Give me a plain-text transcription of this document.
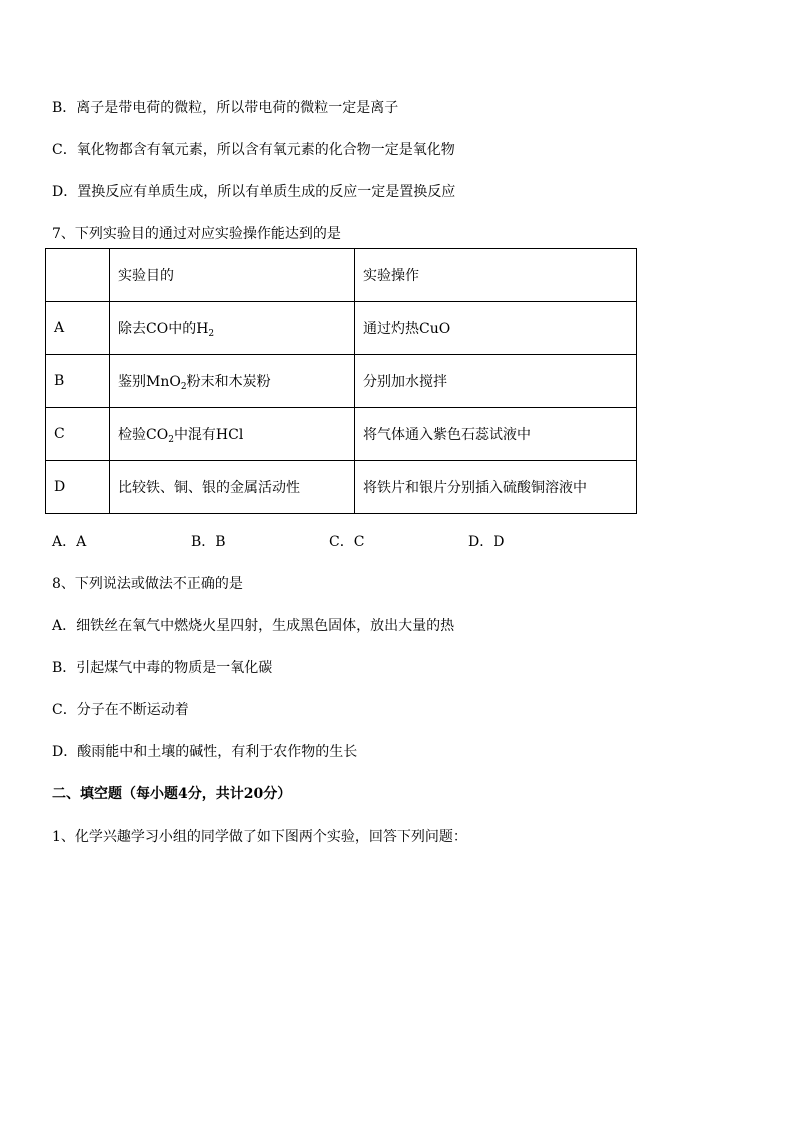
B．离子是带电荷的微粒，所以带电荷的微粒一定是离子
C．氧化物都含有氧元素，所以含有氧元素的化合物一定是氧化物
D．置换反应有单质生成，所以有单质生成的反应一定是置换反应
7、下列实验目的通过对应实验操作能达到的是
	实验目的	实验操作
A	除去CO中的$H_2$	通过灼热CuO
B	鉴别MnO$_2$粉末和木炭粉	分别加水搅拌
C	检验$CO_2$中混有HCl	将气体通入紫色石蕊试液中
D	比较铁、铜、银的金属活动性	将铁片和银片分别插入硫酸铜溶液中
A．A	B．B	C．C	D．D
8、下列说法或做法不正确的是
A．细铁丝在氧气中燃烧火星四射，生成黑色固体，放出大量的热
B．引起煤气中毒的物质是一氧化碳
C．分子在不断运动着
D．酸雨能中和土壤的碱性，有利于农作物的生长
二、填空题（每小题4分，共计20分）
1、化学兴趣学习小组的同学做了如下图两个实验，回答下列问题：
